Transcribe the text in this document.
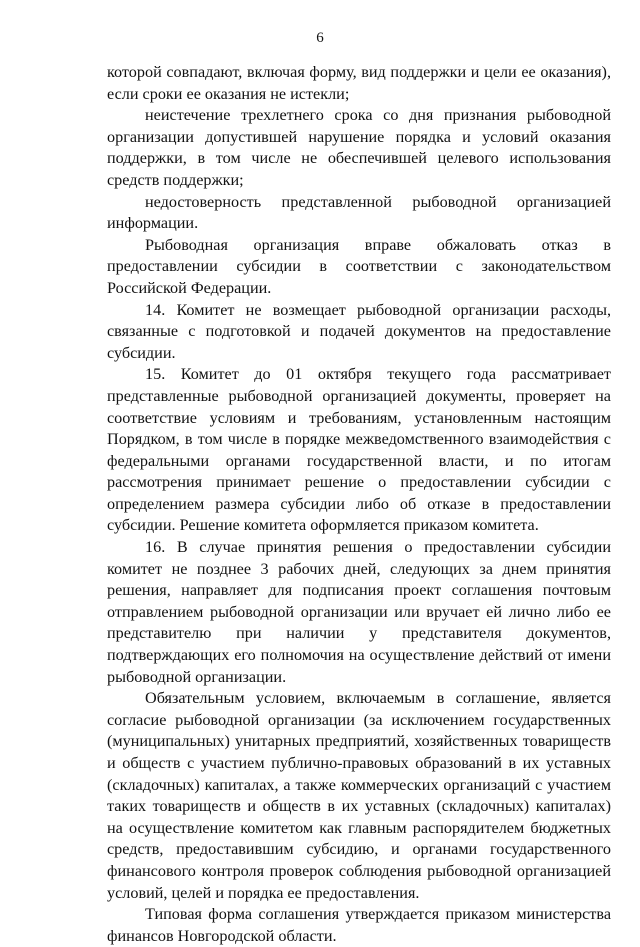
6

которой совпадают, включая форму, вид поддержки и цели ее оказания), если сроки ее оказания не истекли;

неистечение трехлетнего срока со дня признания рыбоводной организации допустившей нарушение порядка и условий оказания поддержки, в том числе не обеспечившей целевого использования средств поддержки;

недостоверность представленной рыбоводной организацией информации.

Рыбоводная организация вправе обжаловать отказ в предоставлении субсидии в соответствии с законодательством Российской Федерации.

14. Комитет не возмещает рыбоводной организации расходы, связанные с подготовкой и подачей документов на предоставление субсидии.

15. Комитет до 01 октября текущего года рассматривает представленные рыбоводной организацией документы, проверяет на соответствие условиям и требованиям, установленным настоящим Порядком, в том числе в порядке межведомственного взаимодействия с федеральными органами государственной власти, и по итогам рассмотрения принимает решение о предоставлении субсидии с определением размера субсидии либо об отказе в предоставлении субсидии. Решение комитета оформляется приказом комитета.

16. В случае принятия решения о предоставлении субсидии комитет не позднее 3 рабочих дней, следующих за днем принятия решения, направляет для подписания проект соглашения почтовым отправлением рыбоводной организации или вручает ей лично либо ее представителю при наличии у представителя документов, подтверждающих его полномочия на осуществление действий от имени рыбоводной организации.

Обязательным условием, включаемым в соглашение, является согласие рыбоводной организации (за исключением государственных (муниципальных) унитарных предприятий, хозяйственных товариществ и обществ с участием публично-правовых образований в их уставных (складочных) капиталах, а также коммерческих организаций с участием таких товариществ и обществ в их уставных (складочных) капиталах) на осуществление комитетом как главным распорядителем бюджетных средств, предоставившим субсидию, и органами государственного финансового контроля проверок соблюдения рыбоводной организацией условий, целей и порядка ее предоставления.

Типовая форма соглашения утверждается приказом министерства финансов Новгородской области.
